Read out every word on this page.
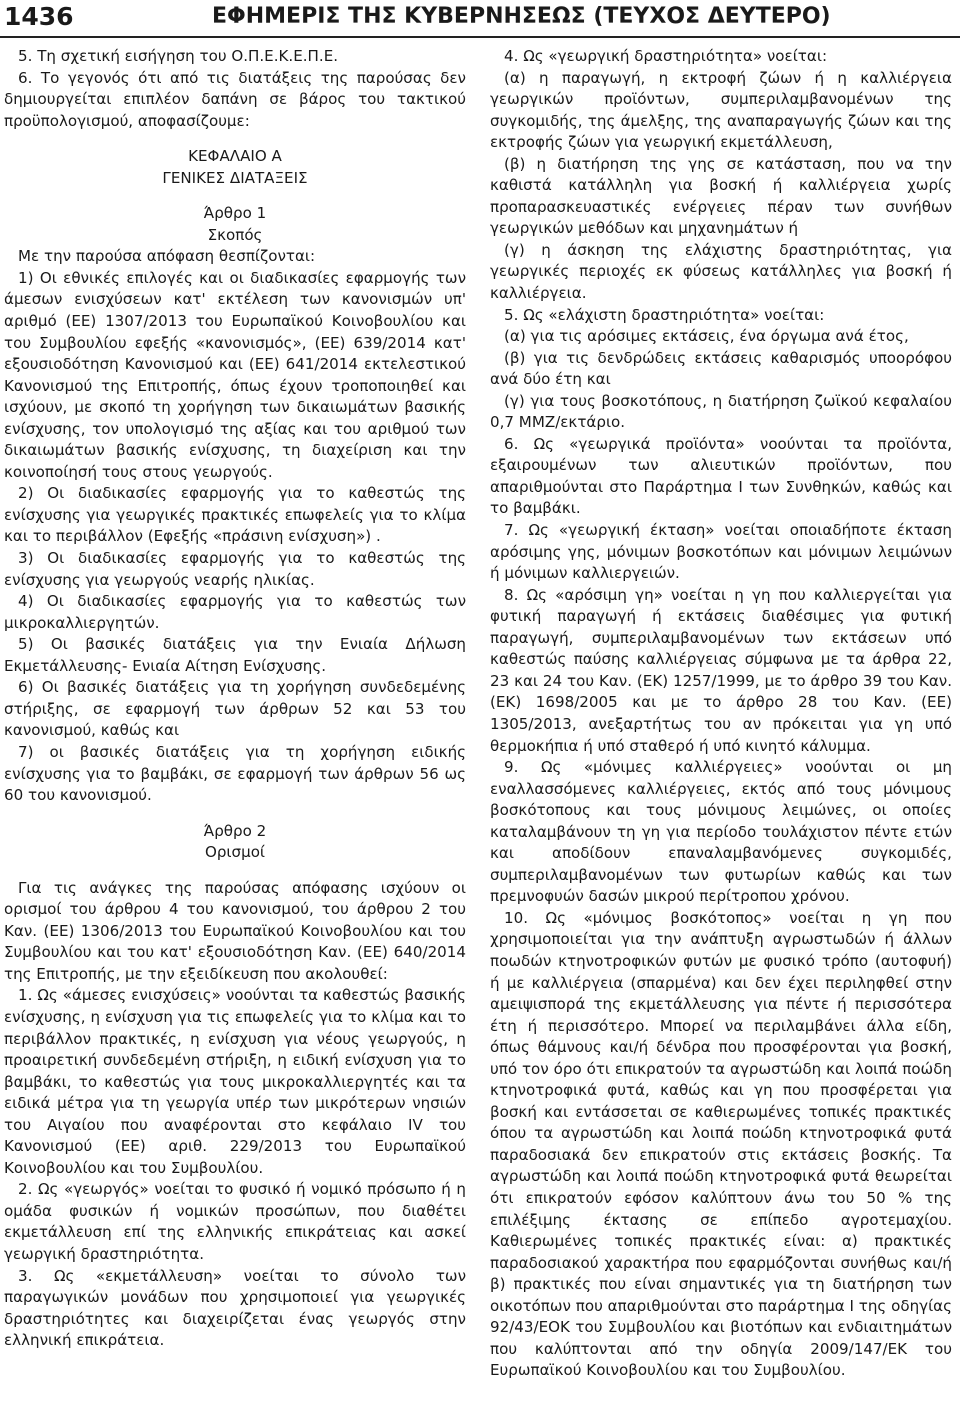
1436	ΕΦΗΜΕΡΙΣ ΤΗΣ ΚΥΒΕΡΝΗΣΕΩΣ (ΤΕΥΧΟΣ ΔΕΥΤΕΡΟ)

5. Τη σχετική εισήγηση του Ο.Π.Ε.Κ.Ε.Π.Ε.

6. Το γεγονός ότι από τις διατάξεις της παρούσας δεν δημιουργείται επιπλέον δαπάνη σε βάρος του τακτικού προϋπολογισμού, αποφασίζουμε:

ΚΕΦΑΛΑΙΟ Α

ΓΕΝΙΚΕΣ ΔΙΑΤΑΞΕΙΣ

Άρθρο 1

Σκοπός

Με την παρούσα απόφαση θεσπίζονται:

1) Οι εθνικές επιλογές και οι διαδικασίες εφαρμογής των άμεσων ενισχύσεων κατ' εκτέλεση των κανονισμών υπ' αριθμό (ΕΕ) 1307/2013 του Ευρωπαϊκού Κοινοβουλίου και του Συμβουλίου εφεξής «κανονισμός», (ΕΕ) 639/2014 κατ' εξουσιοδότηση Κανονισμού και (ΕΕ) 641/2014 εκτελεστικού Κανονισμού της Επιτροπής, όπως έχουν τροποποιηθεί και ισχύουν, με σκοπό τη χορήγηση των δικαιωμάτων βασικής ενίσχυσης, τον υπολογισμό της αξίας και του αριθμού των δικαιωμάτων βασικής ενίσχυσης, τη διαχείριση και την κοινοποίησή τους στους γεωργούς.

2) Οι διαδικασίες εφαρμογής για το καθεστώς της ενίσχυσης για γεωργικές πρακτικές επωφελείς για το κλίμα και το περιβάλλον (Εφεξής «πράσινη ενίσχυση») .

3) Οι διαδικασίες εφαρμογής για το καθεστώς της ενίσχυσης για γεωργούς νεαρής ηλικίας.

4) Οι διαδικασίες εφαρμογής για το καθεστώς των μικροκαλλιεργητών.

5) Οι βασικές διατάξεις για την Ενιαία Δήλωση Εκμετάλλευσης- Ενιαία Αίτηση Ενίσχυσης.

6) Οι βασικές διατάξεις για τη χορήγηση συνδεδεμένης στήριξης, σε εφαρμογή των άρθρων 52 και 53 του κανονισμού, καθώς και

7) οι βασικές διατάξεις για τη χορήγηση ειδικής ενίσχυσης για το βαμβάκι, σε εφαρμογή των άρθρων 56 ως 60 του κανονισμού.

Άρθρο 2

Ορισμοί

Για τις ανάγκες της παρούσας απόφασης ισχύουν οι ορισμοί του άρθρου 4 του κανονισμού, του άρθρου 2 του Καν. (ΕΕ) 1306/2013 του Ευρωπαϊκού Κοινοβουλίου και του Συμβουλίου και του κατ' εξουσιοδότηση Καν. (ΕΕ) 640/2014 της Επιτροπής, με την εξειδίκευση που ακολουθεί:

1. Ως «άμεσες ενισχύσεις» νοούνται τα καθεστώς βασικής ενίσχυσης, η ενίσχυση για τις επωφελείς για το κλίμα και το περιβάλλον πρακτικές, η ενίσχυση για νέους γεωργούς, η προαιρετική συνδεδεμένη στήριξη, η ειδική ενίσχυση για το βαμβάκι, το καθεστώς για τους μικροκαλλιεργητές και τα ειδικά μέτρα για τη γεωργία υπέρ των μικρότερων νησιών του Αιγαίου που αναφέρονται στο κεφάλαιο IV του Κανονισμού (ΕΕ) αριθ. 229/2013 του Ευρωπαϊκού Κοινοβουλίου και του Συμβουλίου.

2. Ως «γεωργός» νοείται το φυσικό ή νομικό πρόσωπο ή η ομάδα φυσικών ή νομικών προσώπων, που διαθέτει εκμετάλλευση επί της ελληνικής επικράτειας και ασκεί γεωργική δραστηριότητα.

3. Ως «εκμετάλλευση» νοείται το σύνολο των παραγωγικών μονάδων που χρησιμοποιεί για γεωργικές δραστηριότητες και διαχειρίζεται ένας γεωργός στην ελληνική επικράτεια.

4. Ως «γεωργική δραστηριότητα» νοείται:

(α) η παραγωγή, η εκτροφή ζώων ή η καλλιέργεια γεωργικών προϊόντων, συμπεριλαμβανομένων της συγκομιδής, της άμελξης, της αναπαραγωγής ζώων και της εκτροφής ζώων για γεωργική εκμετάλλευση,

(β) η διατήρηση της γης σε κατάσταση, που να την καθιστά κατάλληλη για βοσκή ή καλλιέργεια χωρίς προπαρασκευαστικές ενέργειες πέραν των συνήθων γεωργικών μεθόδων και μηχανημάτων ή

(γ) η άσκηση της ελάχιστης δραστηριότητας, για γεωργικές περιοχές εκ φύσεως κατάλληλες για βοσκή ή καλλιέργεια.

5. Ως «ελάχιστη δραστηριότητα» νοείται:

(α) για τις αρόσιμες εκτάσεις, ένα όργωμα ανά έτος,

(β) για τις δενδρώδεις εκτάσεις καθαρισμός υποορόφου ανά δύο έτη και

(γ) για τους βοσκοτόπους, η διατήρηση ζωϊκού κεφαλαίου 0,7 ΜΜΖ/εκτάριο.

6. Ως «γεωργικά προϊόντα» νοούνται τα προϊόντα, εξαιρουμένων των αλιευτικών προϊόντων, που απαριθμούνται στο Παράρτημα Ι των Συνθηκών, καθώς και το βαμβάκι.

7. Ως «γεωργική έκταση» νοείται οποιαδήποτε έκταση αρόσιμης γης, μόνιμων βοσκοτόπων και μόνιμων λειμώνων ή μόνιμων καλλιεργειών.

8. Ως «αρόσιμη γη» νοείται η γη που καλλιεργείται για φυτική παραγωγή ή εκτάσεις διαθέσιμες για φυτική παραγωγή, συμπεριλαμβανομένων των εκτάσεων υπό καθεστώς παύσης καλλιέργειας σύμφωνα με τα άρθρα 22, 23 και 24 του Καν. (ΕΚ) 1257/1999, με το άρθρο 39 του Καν. (ΕΚ) 1698/2005 και με το άρθρο 28 του Καν. (ΕΕ) 1305/2013, ανεξαρτήτως του αν πρόκειται για γη υπό θερμοκήπια ή υπό σταθερό ή υπό κινητό κάλυμμα.

9. Ως «μόνιμες καλλιέργειες» νοούνται οι μη εναλλασσόμενες καλλιέργειες, εκτός από τους μόνιμους βοσκότοπους και τους μόνιμους λειμώνες, οι οποίες καταλαμβάνουν τη γη για περίοδο τουλάχιστον πέντε ετών και αποδίδουν επαναλαμβανόμενες συγκομιδές, συμπεριλαμβανομένων των φυτωρίων καθώς και των πρεμνοφυών δασών μικρού περίτροπου χρόνου.

10. Ως «μόνιμος βοσκότοπος» νοείται η γη που χρησιμοποιείται για την ανάπτυξη αγρωστωδών ή άλλων ποωδών κτηνοτροφικών φυτών με φυσικό τρόπο (αυτοφυή) ή με καλλιέργεια (σπαρμένα) και δεν έχει περιληφθεί στην αμειψισπορά της εκμετάλλευσης για πέντε ή περισσότερα έτη ή περισσότερο. Μπορεί να περιλαμβάνει άλλα είδη, όπως θάμνους και/ή δένδρα που προσφέρονται για βοσκή, υπό τον όρο ότι επικρατούν τα αγρωστώδη και λοιπά ποώδη κτηνοτροφικά φυτά, καθώς και γη που προσφέρεται για βοσκή και εντάσσεται σε καθιερωμένες τοπικές πρακτικές όπου τα αγρωστώδη και λοιπά ποώδη κτηνοτροφικά φυτά παραδοσιακά δεν επικρατούν στις εκτάσεις βοσκής. Τα αγρωστώδη και λοιπά ποώδη κτηνοτροφικά φυτά θεωρείται ότι επικρατούν εφόσον καλύπτουν άνω του 50 % της επιλέξιμης έκτασης σε επίπεδο αγροτεμαχίου. Καθιερωμένες τοπικές πρακτικές είναι: α) πρακτικές παραδοσιακού χαρακτήρα που εφαρμόζονται συνήθως και/ή β) πρακτικές που είναι σημαντικές για τη διατήρηση των οικοτόπων που απαριθμούνται στο παράρτημα Ι της οδηγίας 92/43/ΕΟΚ του Συμβουλίου και βιοτόπων και ενδιαιτημάτων που καλύπτονται από την οδηγία 2009/147/ΕΚ του Ευρωπαϊκού Κοινοβουλίου και του Συμβουλίου.
